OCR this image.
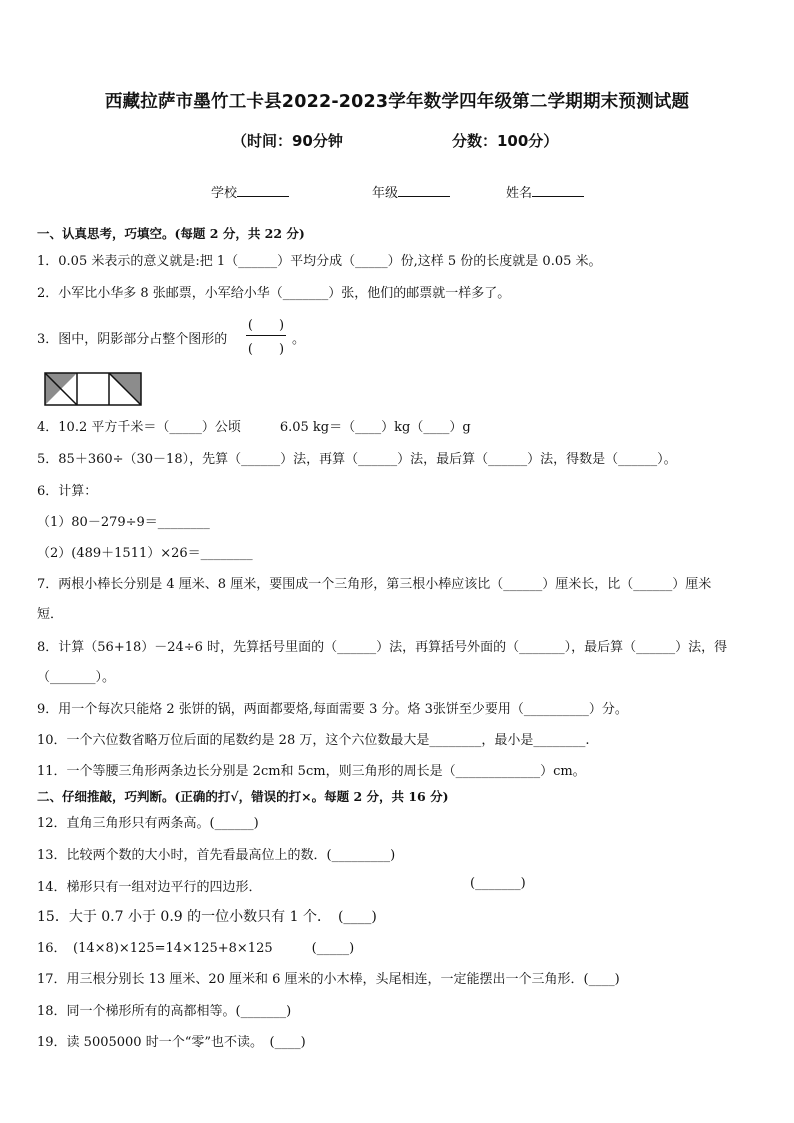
西藏拉萨市墨竹工卡县2022-2023学年数学四年级第二学期期末预测试题
（时间：90分钟	分数：100分）
学校	年级	姓名
一、认真思考，巧填空。(每题 2 分，共 22 分)
1．0.05 米表示的意义就是:把 1（______）平均分成（_____）份,这样 5 份的长度就是 0.05 米。
2．小军比小华多 8 张邮票，小军给小华（_______）张，他们的邮票就一样多了。
3．图中，阴影部分占整个图形的
(　　)
(　　)
。
4．10.2 平方千米＝（_____）公顷　　　6.05 kg＝（____）kg（____）g
5．85＋360÷（30－18），先算（______）法，再算（______）法，最后算（______）法，得数是（______）。
6．计算：
（1）80－279÷9＝________
（2）(489＋1511）×26＝________
7．两根小棒长分别是 4 厘米、8 厘米，要围成一个三角形，第三根小棒应该比（______）厘米长，比（______）厘米
短．
8．计算（56+18）－24÷6 时，先算括号里面的（______）法，再算括号外面的（_______），最后算（______）法，得
（_______）。
9．用一个每次只能烙 2 张饼的锅，两面都要烙,每面需要 3 分。烙 3张饼至少要用（__________）分。
10．一个六位数省略万位后面的尾数约是 28 万，这个六位数最大是________，最小是________.
11．一个等腰三角形两条边长分别是 2cm和 5cm，则三角形的周长是（_____________）cm。
二、仔细推敲，巧判断。(正确的打√，错误的打×。每题 2 分，共 16 分)
12．直角三角形只有两条高。(______)
13．比较两个数的大小时，首先看最高位上的数．(_________)
14．梯形只有一组对边平行的四边形．	(_______)
15．大于 0.7 小于 0.9 的一位小数只有 1 个．　(____)
16．　(14×8)×125=14×125+8×125　　　(_____)
17．用三根分别长 13 厘米、20 厘米和 6 厘米的小木棒，头尾相连，一定能摆出一个三角形．(____)
18．同一个梯形所有的高都相等。(_______)
19．读 5005000 时一个“零”也不读。　(____)
